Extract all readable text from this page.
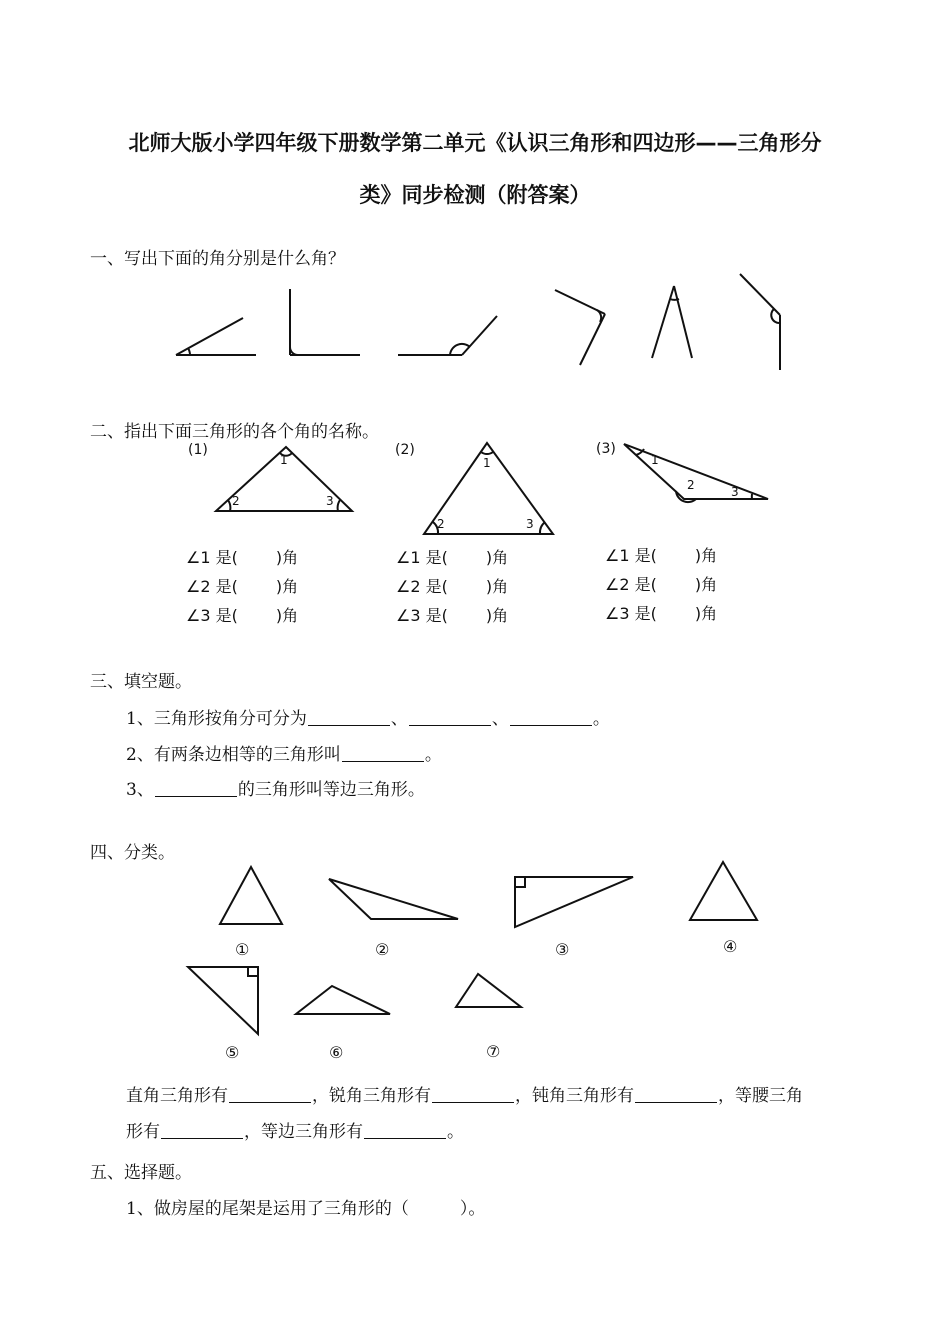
北师大版小学四年级下册数学第二单元《认识三角形和四边形——三角形分
类》同步检测（附答案）
一、写出下面的角分别是什么角？
二、指出下面三角形的各个角的名称。
(1)
1
2	3
(2)
1
2	3
(3)
1
2	3
∠1 是( )角
∠2 是( )角
∠3 是( )角
∠1 是( )角
∠2 是( )角
∠3 是( )角
∠1 是( )角
∠2 是( )角
∠3 是( )角
三、填空题。
1、三角形按角分可分为	、	、	。
2、有两条边相等的三角形叫	。
3、	的三角形叫等边三角形。
四、分类。
①	②	③	④
⑤	⑥	⑦
直角三角形有	，锐角三角形有	，钝角三角形有	，等腰三角
形有	，等边三角形有	。
五、选择题。
1、做房屋的尾架是运用了三角形的（　　　）。
